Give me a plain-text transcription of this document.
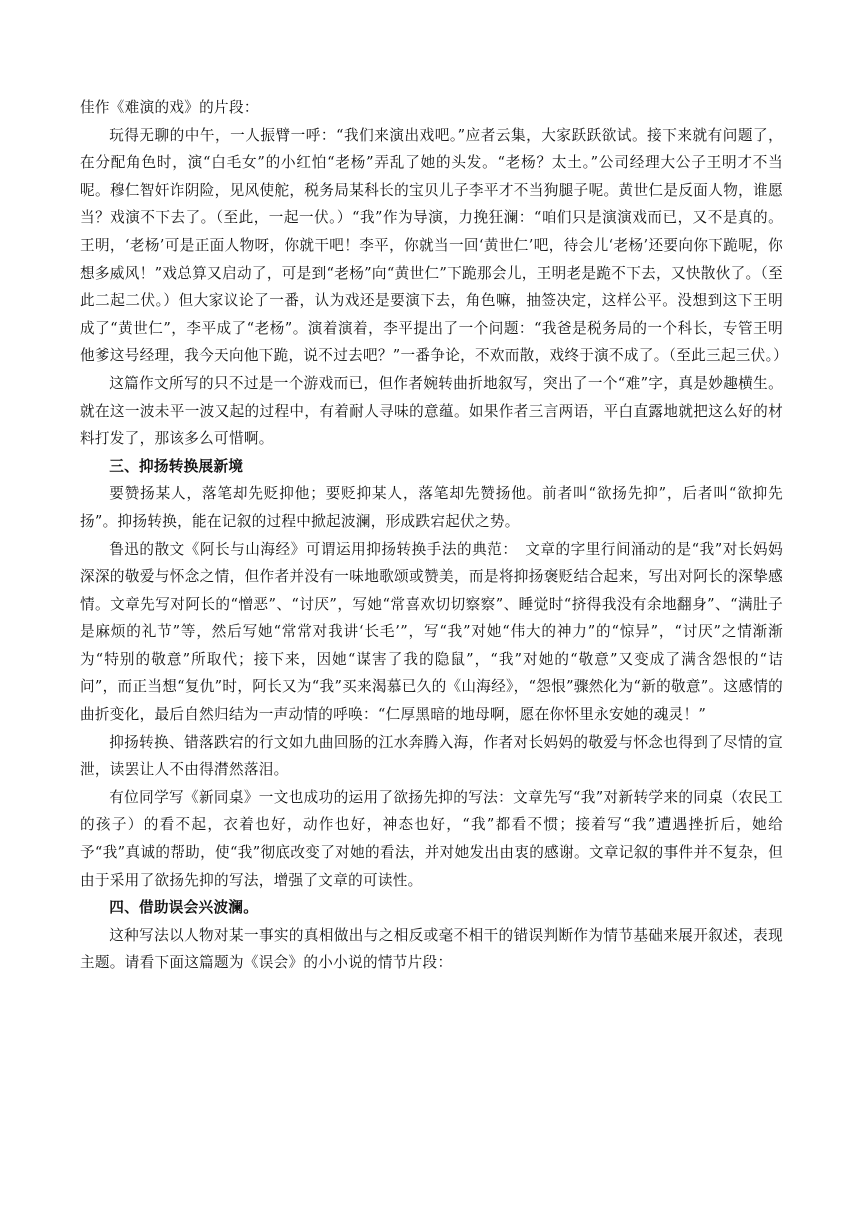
佳作《难演的戏》的片段：

玩得无聊的中午，一人振臂一呼：“我们来演出戏吧。”应者云集，大家跃跃欲试。接下来就有问题了，在分配角色时，演“白毛女”的小红怕“老杨”弄乱了她的头发。“老杨？太土。”公司经理大公子王明才不当呢。穆仁智奸诈阴险，见风使舵，税务局某科长的宝贝儿子李平才不当狗腿子呢。黄世仁是反面人物，谁愿当？戏演不下去了。（至此，一起一伏。）“我”作为导演，力挽狂澜：“咱们只是演演戏而已，又不是真的。王明，‘老杨’可是正面人物呀，你就干吧！李平，你就当一回‘黄世仁’吧，待会儿‘老杨’还要向你下跪呢，你想多威风！”戏总算又启动了，可是到“老杨”向“黄世仁”下跪那会儿，王明老是跪不下去，又快散伙了。（至此二起二伏。）但大家议论了一番，认为戏还是要演下去，角色嘛，抽签决定，这样公平。没想到这下王明成了“黄世仁”，李平成了“老杨”。演着演着，李平提出了一个问题：“我爸是税务局的一个科长，专管王明他爹这号经理，我今天向他下跪，说不过去吧？”一番争论，不欢而散，戏终于演不成了。（至此三起三伏。）

这篇作文所写的只不过是一个游戏而已，但作者婉转曲折地叙写，突出了一个“难”字，真是妙趣横生。就在这一波未平一波又起的过程中，有着耐人寻味的意蕴。如果作者三言两语，平白直露地就把这么好的材料打发了，那该多么可惜啊。

三、抑扬转换展新境

要赞扬某人，落笔却先贬抑他；要贬抑某人，落笔却先赞扬他。前者叫“欲扬先抑”，后者叫“欲抑先扬”。抑扬转换，能在记叙的过程中掀起波澜，形成跌宕起伏之势。

鲁迅的散文《阿长与山海经》可谓运用抑扬转换手法的典范：　文章的字里行间涌动的是“我”对长妈妈深深的敬爱与怀念之情，但作者并没有一味地歌颂或赞美，而是将抑扬褒贬结合起来，写出对阿长的深挚感情。文章先写对阿长的“憎恶”、“讨厌”，写她“常喜欢切切察察”、睡觉时“挤得我没有余地翻身”、“满肚子是麻烦的礼节”等，然后写她“常常对我讲‘长毛’”，写“我”对她“伟大的神力”的“惊异”，“讨厌”之情渐渐为“特别的敬意”所取代；接下来，因她“谋害了我的隐鼠”，“我”对她的“敬意”又变成了满含怨恨的“诘问”，而正当想“复仇”时，阿长又为“我”买来渴慕已久的《山海经》，“怨恨”骤然化为“新的敬意”。这感情的曲折变化，最后自然归结为一声动情的呼唤：“仁厚黑暗的地母啊，愿在你怀里永安她的魂灵！”

抑扬转换、错落跌宕的行文如九曲回肠的江水奔腾入海，作者对长妈妈的敬爱与怀念也得到了尽情的宣泄，读罢让人不由得潸然落泪。

有位同学写《新同桌》一文也成功的运用了欲扬先抑的写法：文章先写“我”对新转学来的同桌（农民工的孩子）的看不起，衣着也好，动作也好，神态也好，“我”都看不惯；接着写“我”遭遇挫折后，她给予“我”真诚的帮助，使“我”彻底改变了对她的看法，并对她发出由衷的感谢。文章记叙的事件并不复杂，但由于采用了欲扬先抑的写法，增强了文章的可读性。

四、借助误会兴波澜。

这种写法以人物对某一事实的真相做出与之相反或毫不相干的错误判断作为情节基础来展开叙述，表现主题。请看下面这篇题为《误会》的小小说的情节片段：
